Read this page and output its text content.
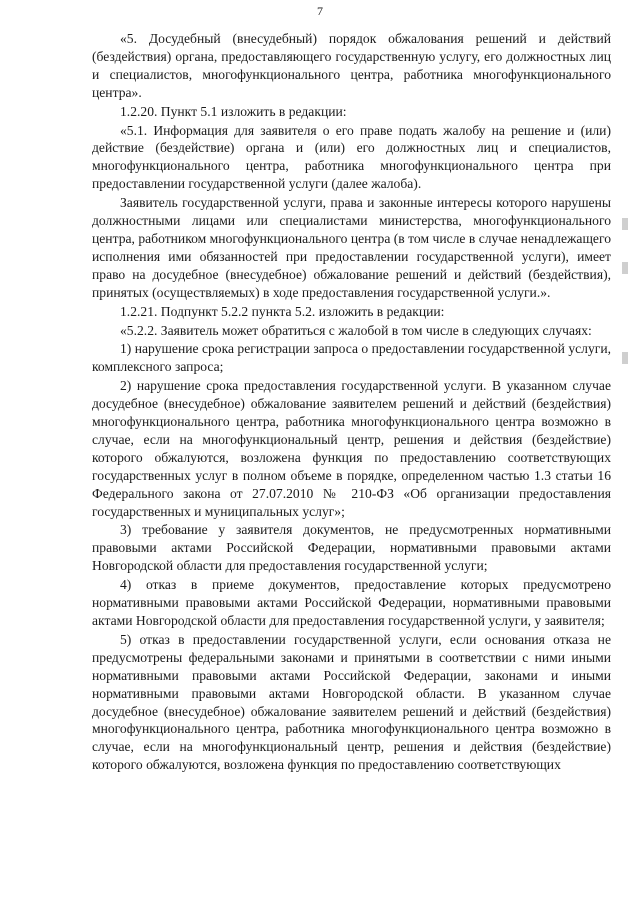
7

«5. Досудебный (внесудебный) порядок обжалования решений и действий (бездействия) органа, предоставляющего государственную услугу, его должностных лиц и специалистов, многофункционального центра, работника многофункционального центра».

1.2.20. Пункт 5.1 изложить в редакции:

«5.1. Информация для заявителя о его праве подать жалобу на решение и (или) действие (бездействие) органа и (или) его должностных лиц и специалистов, многофункционального центра, работника многофункционального центра при предоставлении государственной услуги (далее жалоба).

Заявитель государственной услуги, права и законные интересы которого нарушены должностными лицами или специалистами министерства, многофункционального центра, работником многофункционального центра (в том числе в случае ненадлежащего исполнения ими обязанностей при предоставлении государственной услуги), имеет право на досудебное (внесудебное) обжалование решений и действий (бездействия), принятых (осуществляемых) в ходе предоставления государственной услуги.».

1.2.21. Подпункт 5.2.2 пункта 5.2. изложить в редакции:

«5.2.2. Заявитель может обратиться с жалобой в том числе в следующих случаях:

1) нарушение срока регистрации запроса о предоставлении государственной услуги, комплексного запроса;

2) нарушение срока предоставления государственной услуги. В указанном случае досудебное (внесудебное) обжалование заявителем решений и действий (бездействия) многофункционального центра, работника многофункционального центра возможно в случае, если на многофункциональный центр, решения и действия (бездействие) которого обжалуются, возложена функция по предоставлению соответствующих государственных услуг в полном объеме в порядке, определенном частью 1.3 статьи 16 Федерального закона от 27.07.2010 № 210-ФЗ «Об организации предоставления государственных и муниципальных услуг»;

3) требование у заявителя документов, не предусмотренных нормативными правовыми актами Российской Федерации, нормативными правовыми актами Новгородской области для предоставления государственной услуги;

4) отказ в приеме документов, предоставление которых предусмотрено нормативными правовыми актами Российской Федерации, нормативными правовыми актами Новгородской области для предоставления государственной услуги, у заявителя;

5) отказ в предоставлении государственной услуги, если основания отказа не предусмотрены федеральными законами и принятыми в соответствии с ними иными нормативными правовыми актами Российской Федерации, законами и иными нормативными правовыми актами Новгородской области. В указанном случае досудебное (внесудебное) обжалование заявителем решений и действий (бездействия) многофункционального центра, работника многофункционального центра возможно в случае, если на многофункциональный центр, решения и действия (бездействие) которого обжалуются, возложена функция по предоставлению соответствующих
